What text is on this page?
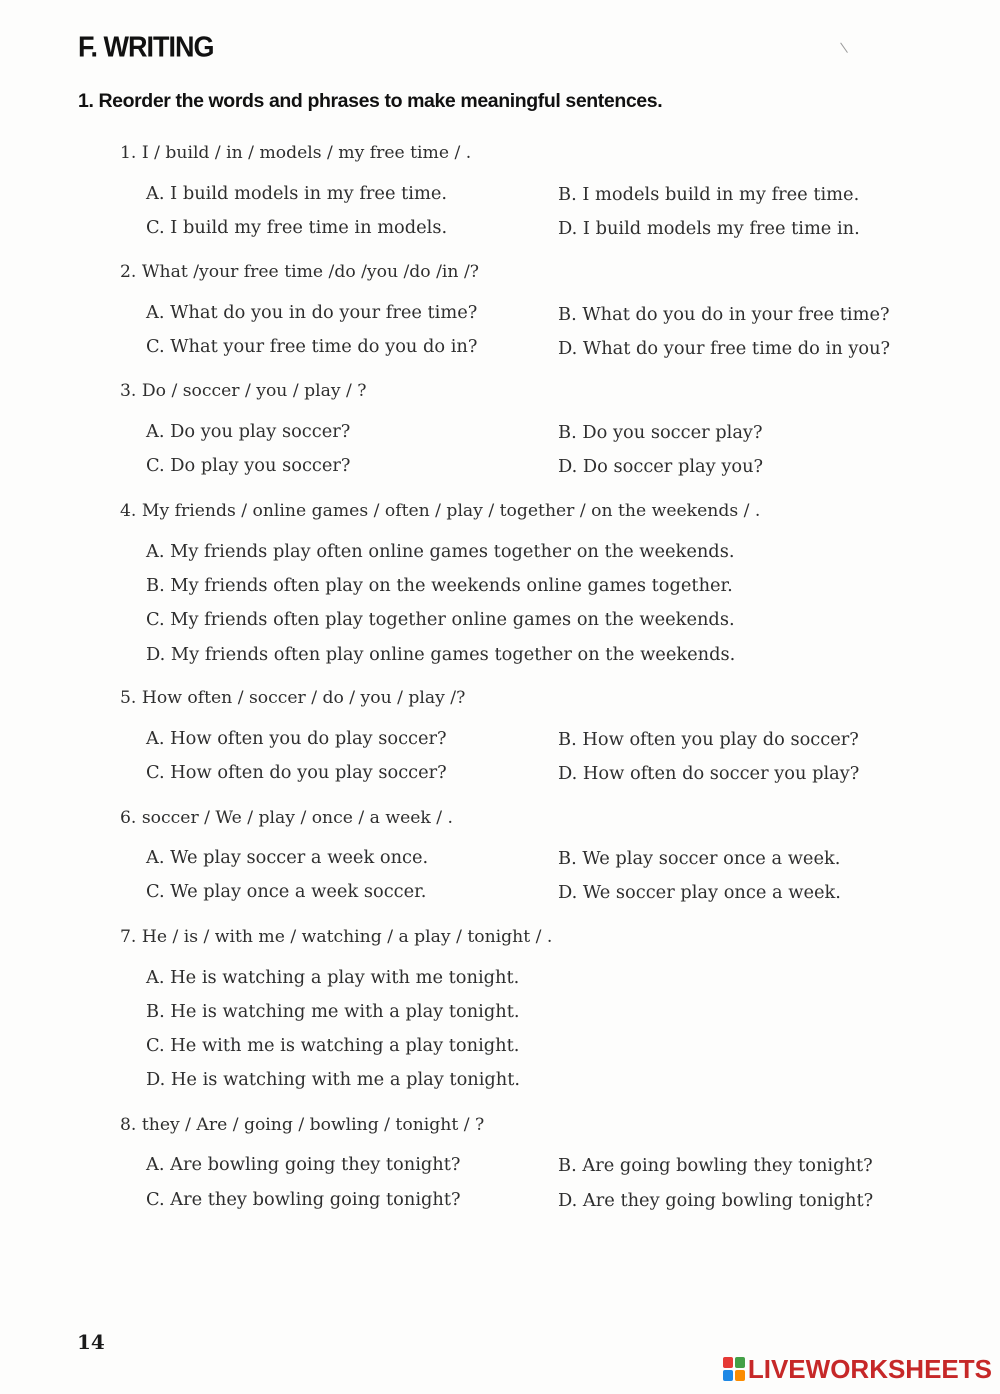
F. WRITING
1. Reorder the words and phrases to make meaningful sentences.
1. I / build / in / models / my free time / .
A. I build models in my free time.	B. I models build in my free time.
C. I build my free time in models.	D. I build models my free time in.
2. What /your free time /do /you /do /in /?
A. What do you in do your free time?	B. What do you do in your free time?
C. What your free time do you do in?	D. What do your free time do in you?
3. Do / soccer / you / play / ?
A. Do you play soccer?	B. Do you soccer play?
C. Do play you soccer?	D. Do soccer play you?
4. My friends / online games / often / play / together / on the weekends / .
A. My friends play often online games together on the weekends.
B. My friends often play on the weekends online games together.
C. My friends often play together online games on the weekends.
D. My friends often play online games together on the weekends.
5. How often / soccer / do / you / play /?
A. How often you do play soccer?	B. How often you play do soccer?
C. How often do you play soccer?	D. How often do soccer you play?
6. soccer / We / play / once / a week / .
A. We play soccer a week once.	B. We play soccer once a week.
C. We play once a week soccer.	D. We soccer play once a week.
7. He / is / with me / watching / a play / tonight / .
A. He is watching a play with me tonight.
B. He is watching me with a play tonight.
C. He with me is watching a play tonight.
D. He is watching with me a play tonight.
8. they / Are / going / bowling / tonight / ?
A. Are bowling going they tonight?	B. Are going bowling they tonight?
C. Are they bowling going tonight?	D. Are they going bowling tonight?
14
LIVEWORKSHEETS
